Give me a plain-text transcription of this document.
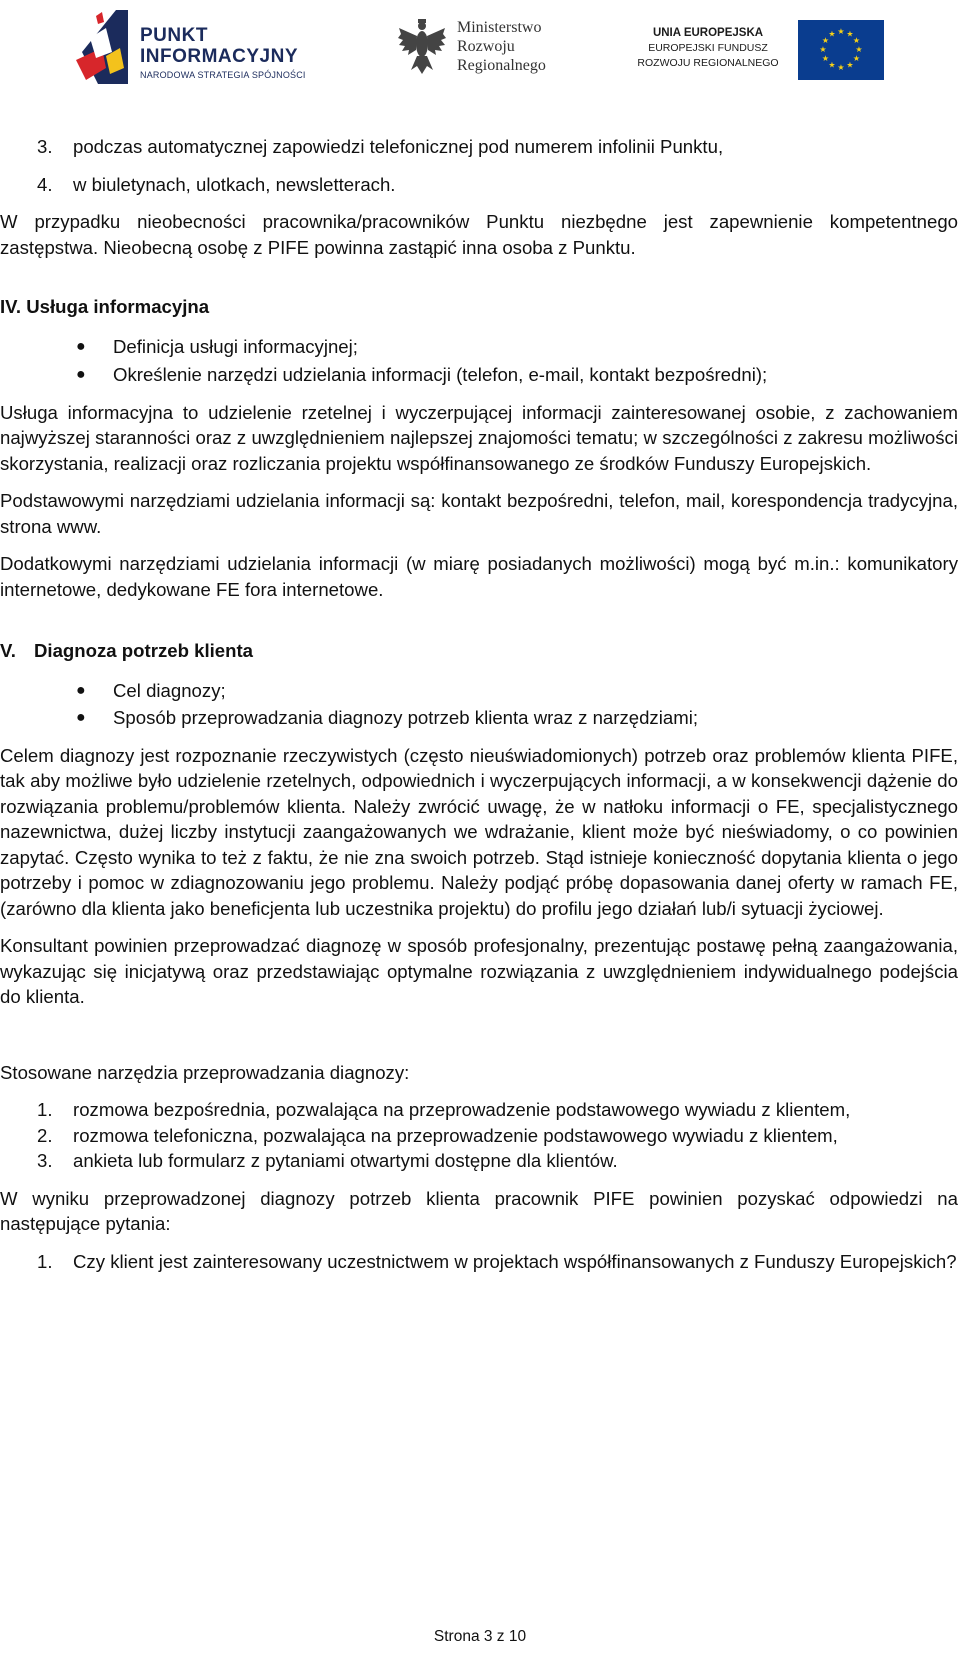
PUNKT
INFORMACYJNY
NARODOWA STRATEGIA SPÓJNOŚCI
Ministerstwo
Rozwoju
Regionalnego
UNIA EUROPEJSKA
EUROPEJSKI FUNDUSZ
ROZWOJU REGIONALNEGO
★ ★
★
★
★
★
★
★
★
★
★
★
3. podczas automatycznej zapowiedzi telefonicznej pod numerem infolinii Punktu,
4. w biuletynach, ulotkach, newsletterach.

W przypadku nieobecności pracownika/pracowników Punktu niezbędne jest zapewnienie kompetentnego zastępstwa. Nieobecną osobę z PIFE powinna zastąpić inna osoba z Punktu.

IV. Usługa informacyjna
● Definicja usługi informacyjnej;
● Określenie narzędzi udzielania informacji (telefon, e-mail, kontakt bezpośredni);

Usługa informacyjna to udzielenie rzetelnej i wyczerpującej informacji zainteresowanej osobie, z zachowaniem najwyższej staranności oraz z uwzględnieniem najlepszej znajomości tematu; w szczególności z zakresu możliwości skorzystania, realizacji oraz rozliczania projektu współfinansowanego ze środków Funduszy Europejskich.

Podstawowymi narzędziami udzielania informacji są: kontakt bezpośredni, telefon, mail, korespondencja tradycyjna, strona www.

Dodatkowymi narzędziami udzielania informacji (w miarę posiadanych możliwości) mogą być m.in.: komunikatory internetowe, dedykowane FE fora internetowe.

V. Diagnoza potrzeb klienta
● Cel diagnozy;
● Sposób przeprowadzania diagnozy potrzeb klienta wraz z narzędziami;

Celem diagnozy jest rozpoznanie rzeczywistych (często nieuświadomionych) potrzeb oraz problemów klienta PIFE, tak aby możliwe było udzielenie rzetelnych, odpowiednich i wyczerpujących informacji, a w konsekwencji dążenie do rozwiązania problemu/problemów klienta. Należy zwrócić uwagę, że w natłoku informacji o FE, specjalistycznego nazewnictwa, dużej liczby instytucji zaangażowanych we wdrażanie, klient może być nieświadomy, o co powinien zapytać. Często wynika to też z faktu, że nie zna swoich potrzeb. Stąd istnieje konieczność dopytania klienta o jego potrzeby i pomoc w zdiagnozowaniu jego problemu. Należy podjąć próbę dopasowania danej oferty w ramach FE, (zarówno dla klienta jako beneficjenta lub uczestnika projektu) do profilu jego działań lub/i sytuacji życiowej.

Konsultant powinien przeprowadzać diagnozę w sposób profesjonalny, prezentując postawę pełną zaangażowania, wykazując się inicjatywą oraz przedstawiając optymalne rozwiązania z uwzględnieniem indywidualnego podejścia do klienta.

Stosowane narzędzia przeprowadzania diagnozy:

1. rozmowa bezpośrednia, pozwalająca na przeprowadzenie podstawowego wywiadu z klientem,
2. rozmowa telefoniczna, pozwalająca na przeprowadzenie podstawowego wywiadu z klientem,
3. ankieta lub formularz z pytaniami otwartymi dostępne dla klientów.

W wyniku przeprowadzonej diagnozy potrzeb klienta pracownik PIFE powinien pozyskać odpowiedzi na następujące pytania:

1. Czy klient jest zainteresowany uczestnictwem w projektach współfinansowanych z Funduszy Europejskich?
Strona 3 z 10
